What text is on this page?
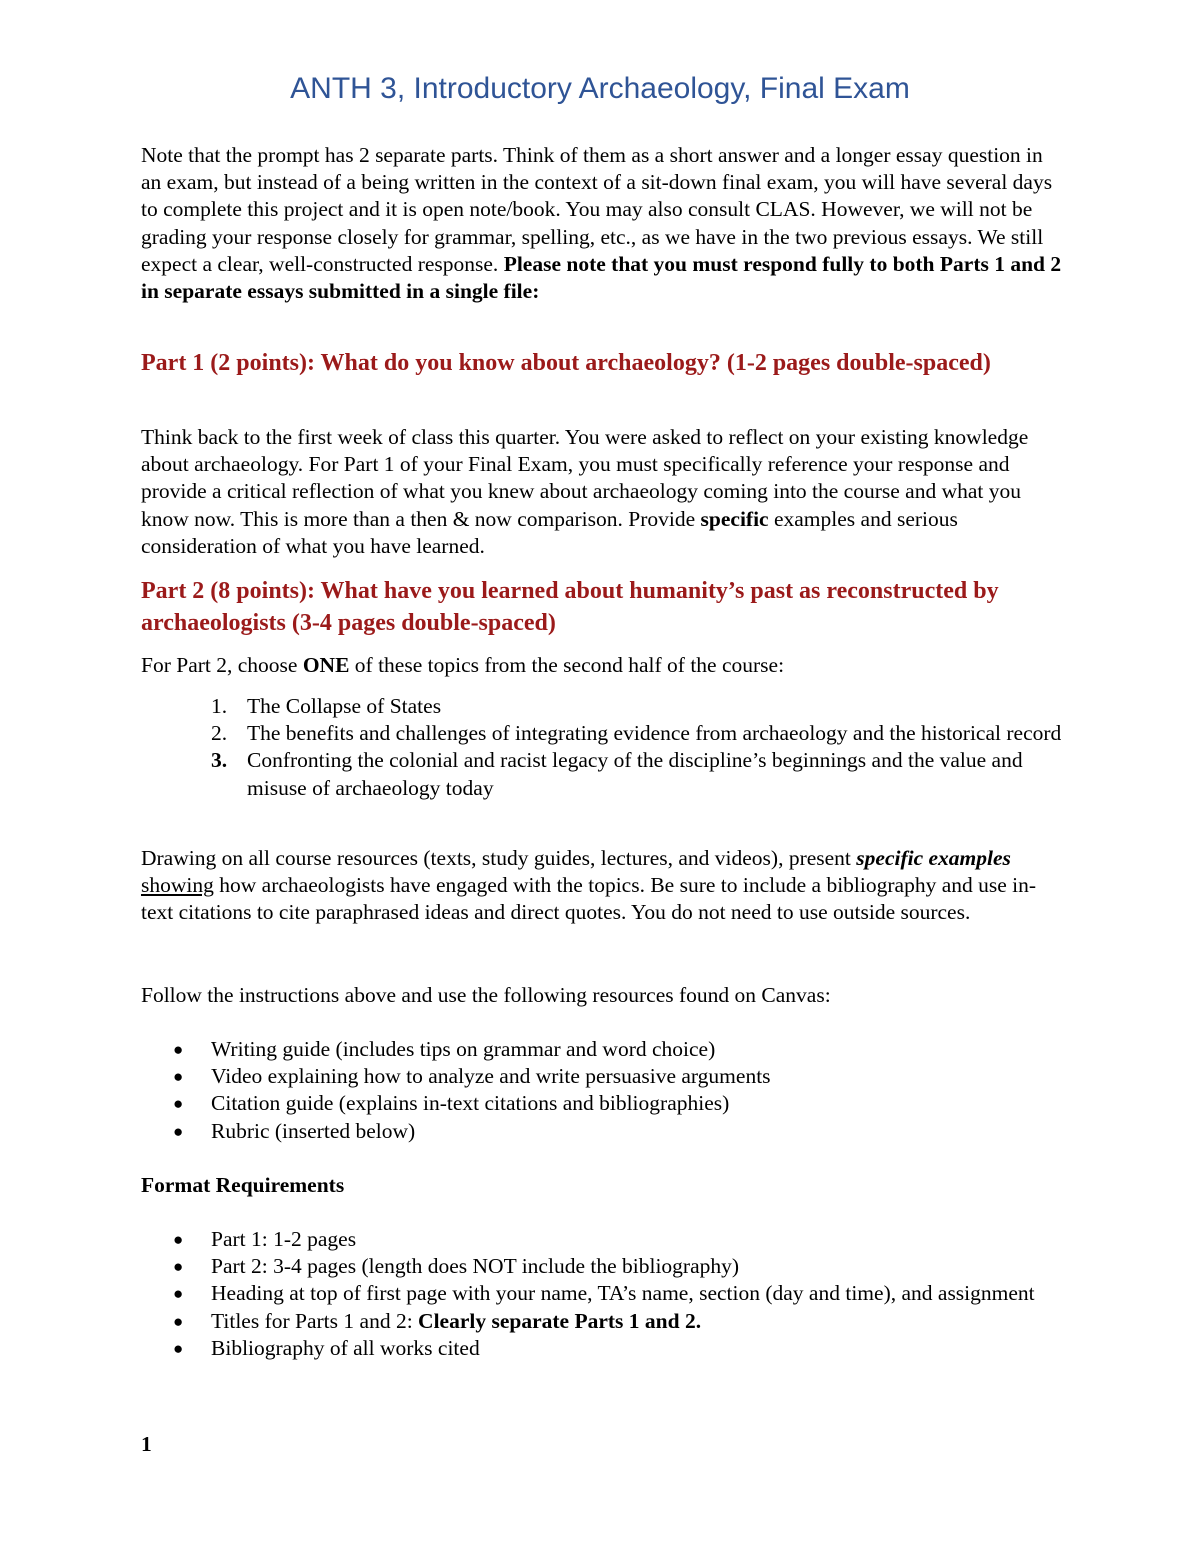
ANTH 3, Introductory Archaeology, Final Exam

Note that the prompt has 2 separate parts. Think of them as a short answer and a longer essay question in an exam, but instead of a being written in the context of a sit-down final exam, you will have several days to complete this project and it is open note/book. You may also consult CLAS. However, we will not be grading your response closely for grammar, spelling, etc., as we have in the two previous essays. We still expect a clear, well-constructed response. Please note that you must respond fully to both Parts 1 and 2 in separate essays submitted in a single file:

Part 1 (2 points): What do you know about archaeology? (1-2 pages double-spaced)

Think back to the first week of class this quarter. You were asked to reflect on your existing knowledge about archaeology. For Part 1 of your Final Exam, you must specifically reference your response and provide a critical reflection of what you knew about archaeology coming into the course and what you know now. This is more than a then & now comparison. Provide specific examples and serious consideration of what you have learned.

Part 2 (8 points): What have you learned about humanity’s past as reconstructed by archaeologists (3-4 pages double-spaced)

For Part 2, choose ONE of these topics from the second half of the course:

1. The Collapse of States
2. The benefits and challenges of integrating evidence from archaeology and the historical record
3. Confronting the colonial and racist legacy of the discipline’s beginnings and the value and misuse of archaeology today

Drawing on all course resources (texts, study guides, lectures, and videos), present specific examples showing how archaeologists have engaged with the topics. Be sure to include a bibliography and use in-text citations to cite paraphrased ideas and direct quotes. You do not need to use outside sources.

Follow the instructions above and use the following resources found on Canvas:
● Writing guide (includes tips on grammar and word choice)
● Video explaining how to analyze and write persuasive arguments
● Citation guide (explains in-text citations and bibliographies)
● Rubric (inserted below)
Format Requirements
● Part 1: 1-2 pages
● Part 2: 3-4 pages (length does NOT include the bibliography)
● Heading at top of first page with your name, TA’s name, section (day and time), and assignment
● Titles for Parts 1 and 2: Clearly separate Parts 1 and 2.
● Bibliography of all works cited
1
